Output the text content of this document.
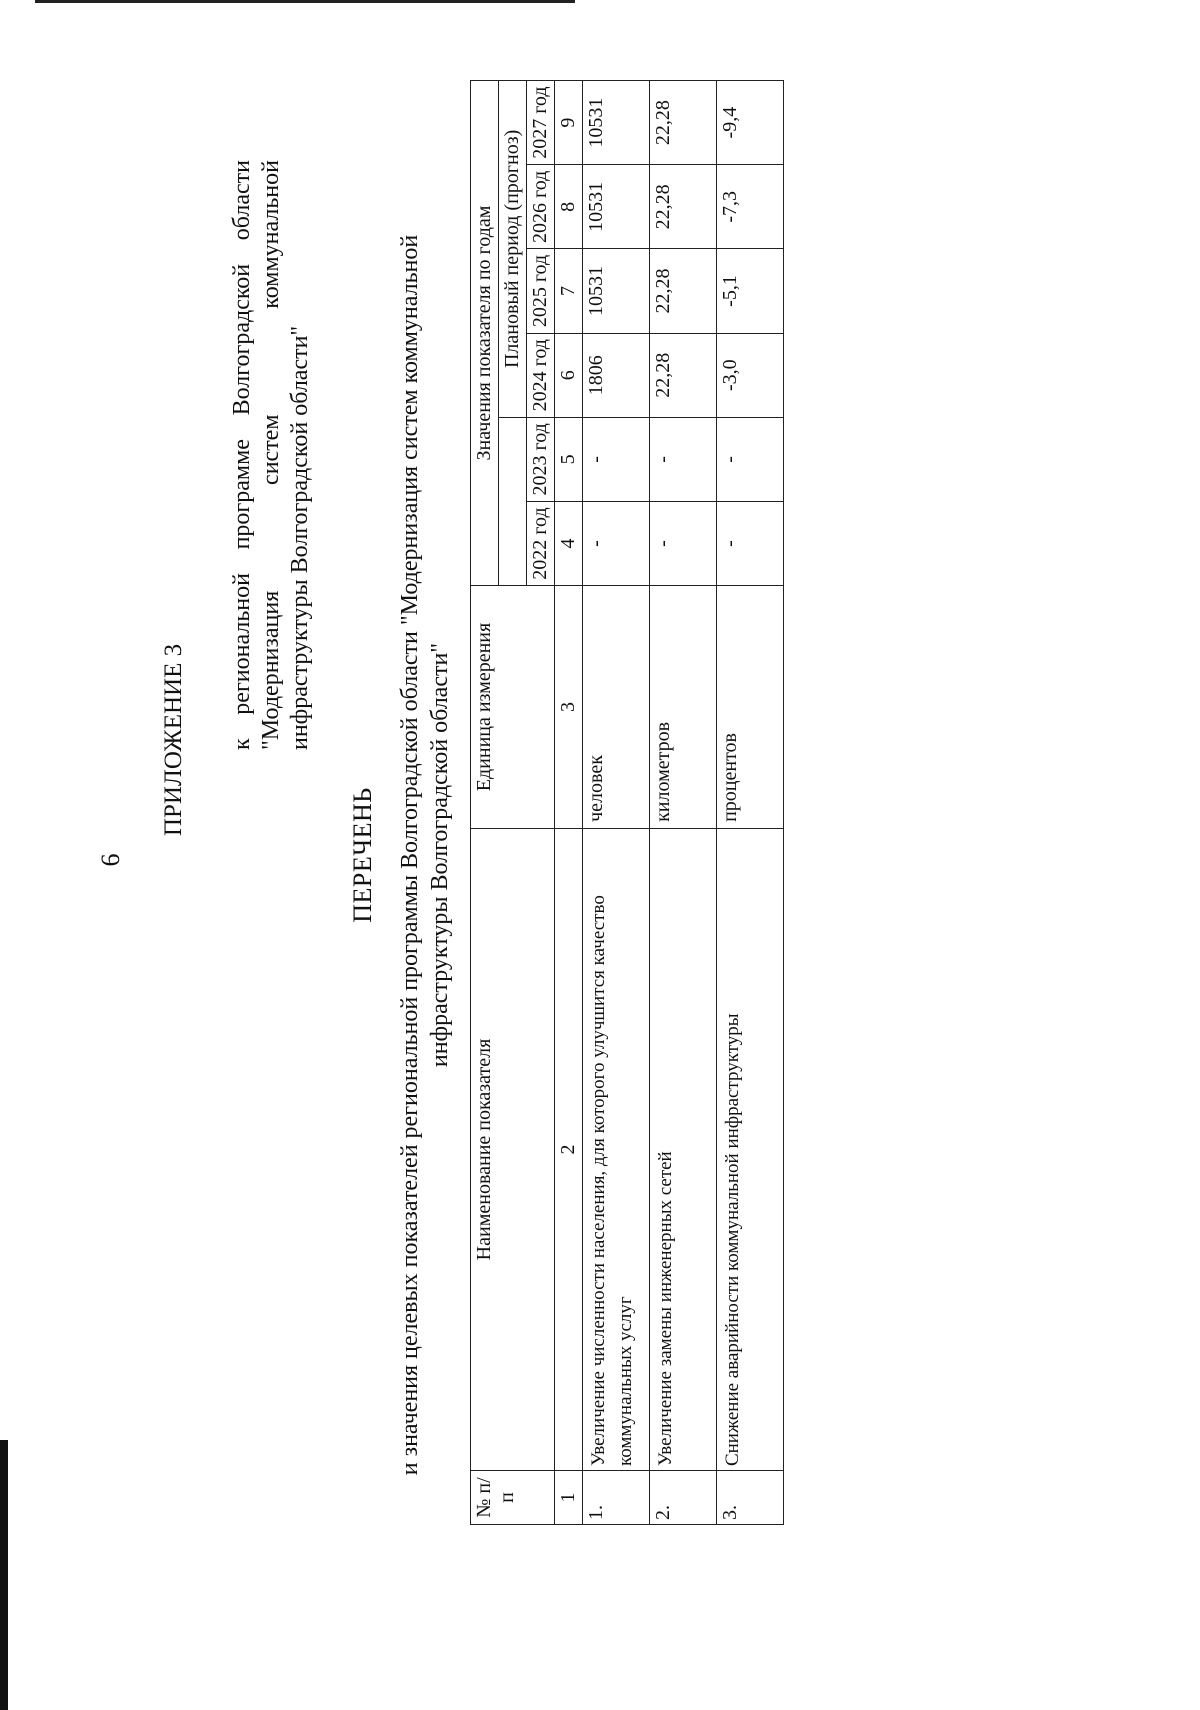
6
ПРИЛОЖЕНИЕ 3 к региональной программе Волгоградской области "Модернизация систем коммунальной инфраструктуры Волгоградской области"
ПЕРЕЧЕНЬ и значения целевых показателей региональной программы Волгоградской области "Модернизация систем коммунальной инфраструктуры Волгоградской области"
№ п/п	Наименование показателя	Единица измерения	Значения показателя по годам					
					Плановый период (прогноз)			
			2022 год	2023 год	2024 год	2025 год	2026 год	2027 год
1	2	3	4	5	6	7	8	9
1.	Увеличение численности населения, для которого улучшится качество коммунальных услуг	человек	-	-	1806	10531	10531	10531
2.	Увеличение замены инженерных сетей	километров	-	-	22,28	22,28	22,28	22,28
3.	Снижение аварийности коммунальной инфраструктуры	процентов	-	-	-3,0	-5,1	-7,3	-9,4
